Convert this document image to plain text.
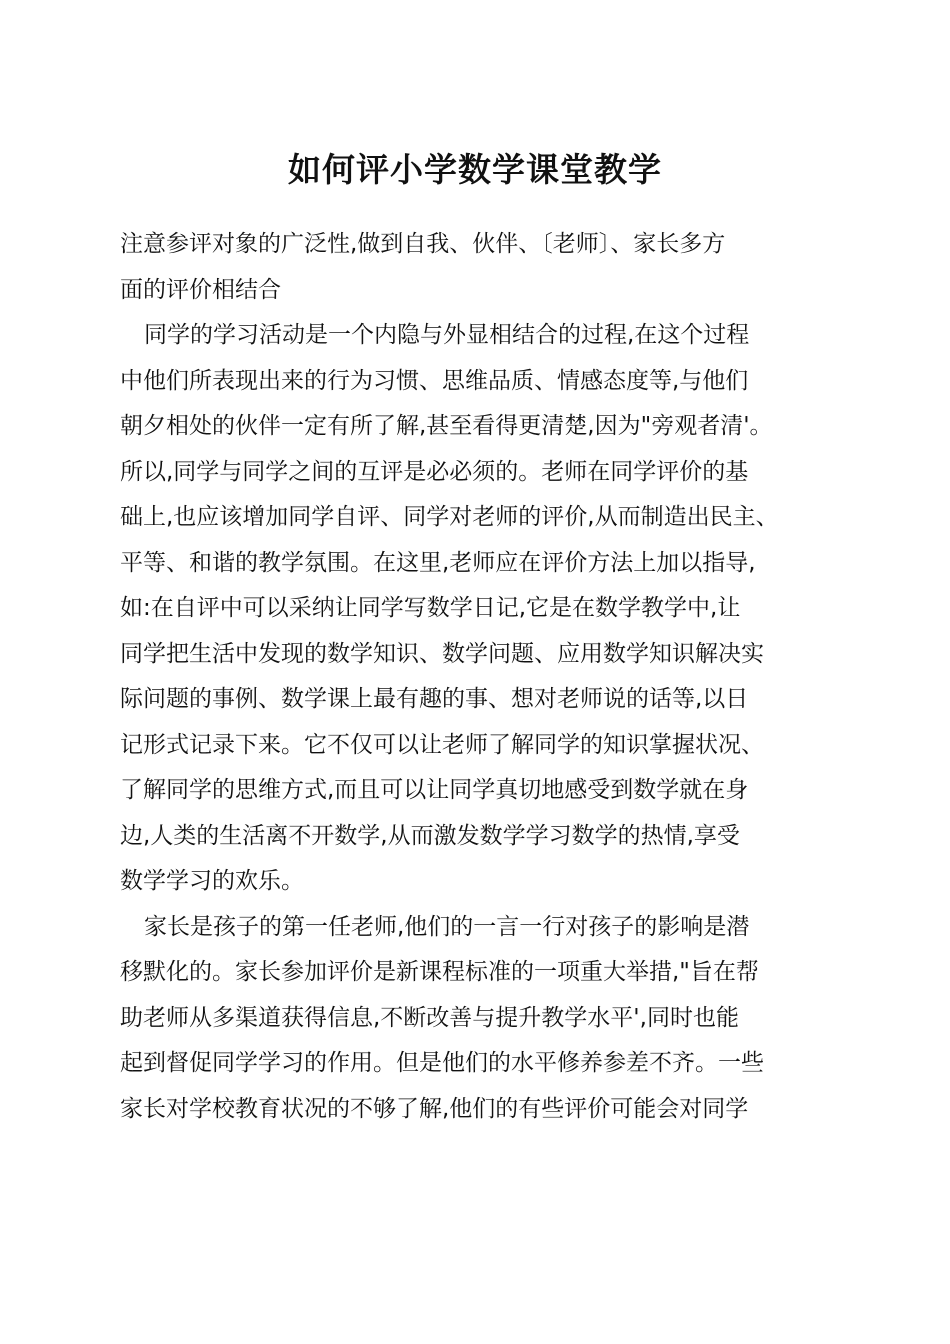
如何评小学数学课堂教学

注意参评对象的广泛性,做到自我、伙伴、〔老师〕、家长多方
面的评价相结合

同学的学习活动是一个内隐与外显相结合的过程,在这个过程
中他们所表现出来的行为习惯、思维品质、情感态度等,与他们
朝夕相处的伙伴一定有所了解,甚至看得更清楚,因为"旁观者清'。
所以,同学与同学之间的互评是必必须的。老师在同学评价的基
础上,也应该增加同学自评、同学对老师的评价,从而制造出民主、
平等、和谐的教学氛围。在这里,老师应在评价方法上加以指导,
如:在自评中可以采纳让同学写数学日记,它是在数学教学中,让
同学把生活中发现的数学知识、数学问题、应用数学知识解决实
际问题的事例、数学课上最有趣的事、想对老师说的话等,以日
记形式记录下来。它不仅可以让老师了解同学的知识掌握状况、
了解同学的思维方式,而且可以让同学真切地感受到数学就在身
边,人类的生活离不开数学,从而激发数学学习数学的热情,享受
数学学习的欢乐。

家长是孩子的第一任老师,他们的一言一行对孩子的影响是潜
移默化的。家长参加评价是新课程标准的一项重大举措,"旨在帮
助老师从多渠道获得信息,不断改善与提升教学水平',同时也能
起到督促同学学习的作用。但是他们的水平修养参差不齐。一些
家长对学校教育状况的不够了解,他们的有些评价可能会对同学
